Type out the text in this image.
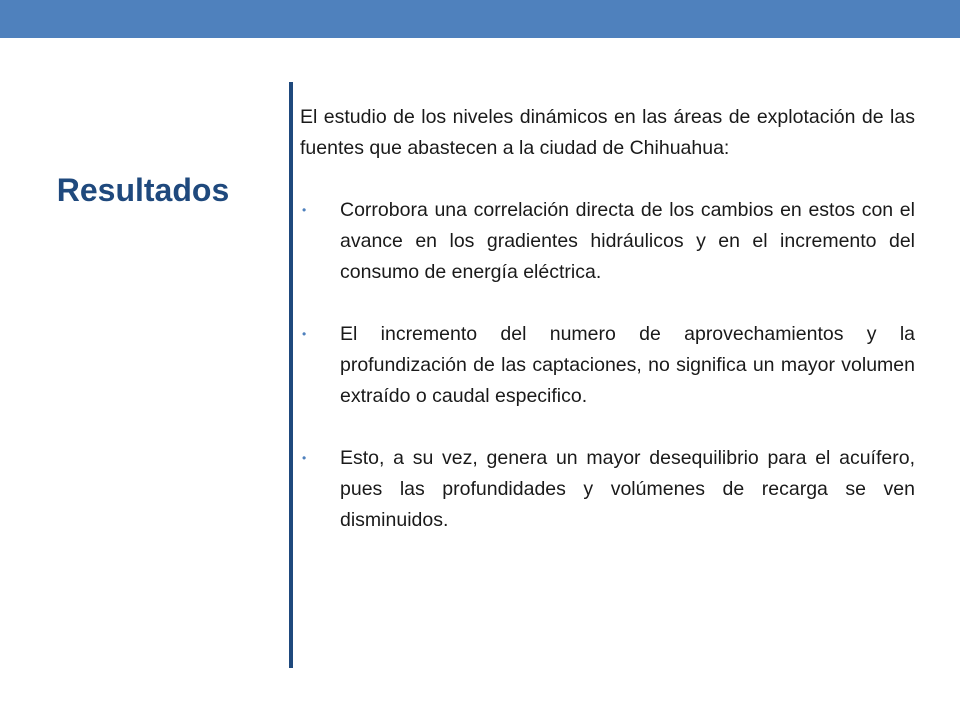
Resultados

El estudio de los niveles dinámicos en las áreas de explotación de las fuentes que abastecen a la ciudad de Chihuahua:

• Corrobora una correlación directa de los cambios en estos con el avance en los gradientes hidráulicos y en el incremento del consumo de energía eléctrica.
• El incremento del numero de aprovechamientos y la profundización de las captaciones, no significa un mayor volumen extraído o caudal especifico.
• Esto, a su vez, genera un mayor desequilibrio para el acuífero, pues las profundidades y volúmenes de recarga se ven disminuidos.
